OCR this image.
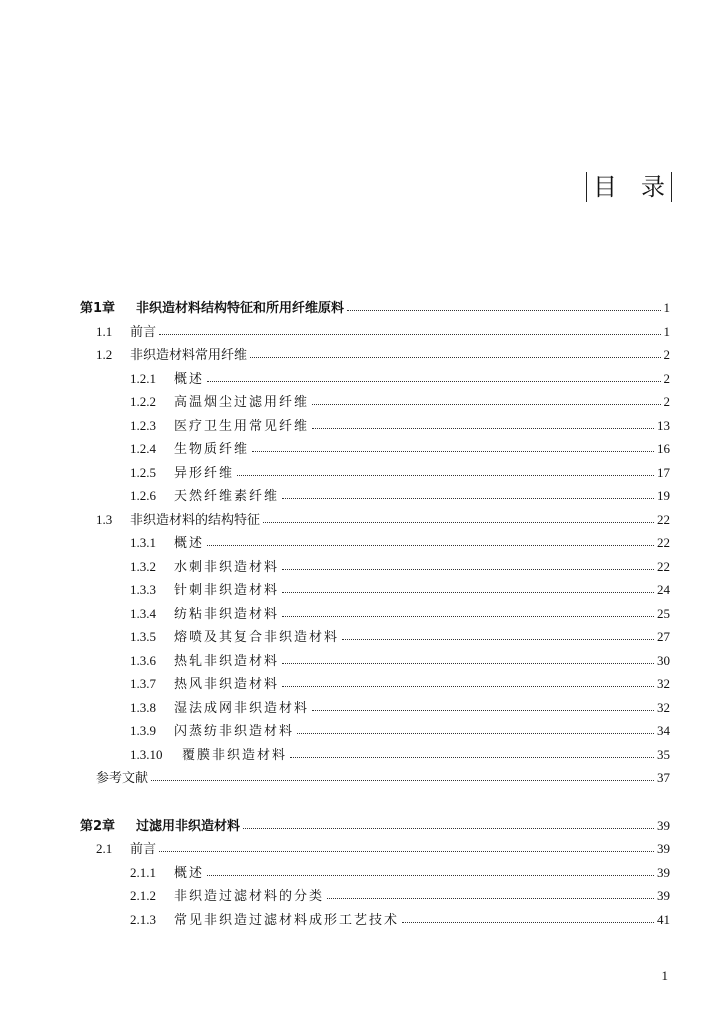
目　录
第1章	非织造材料结构特征和所用纤维原料	1
1.1	前言	1
1.2	非织造材料常用纤维	2
1.2.1	概述	2
1.2.2	高温烟尘过滤用纤维	2
1.2.3	医疗卫生用常见纤维	13
1.2.4	生物质纤维	16
1.2.5	异形纤维	17
1.2.6	天然纤维素纤维	19
1.3	非织造材料的结构特征	22
1.3.1	概述	22
1.3.2	水刺非织造材料	22
1.3.3	针刺非织造材料	24
1.3.4	纺粘非织造材料	25
1.3.5	熔喷及其复合非织造材料	27
1.3.6	热轧非织造材料	30
1.3.7	热风非织造材料	32
1.3.8	湿法成网非织造材料	32
1.3.9	闪蒸纺非织造材料	34
1.3.10	覆膜非织造材料	35
参考文献	37
第2章	过滤用非织造材料	39
2.1	前言	39
2.1.1	概述	39
2.1.2	非织造过滤材料的分类	39
2.1.3	常见非织造过滤材料成形工艺技术	41
1
